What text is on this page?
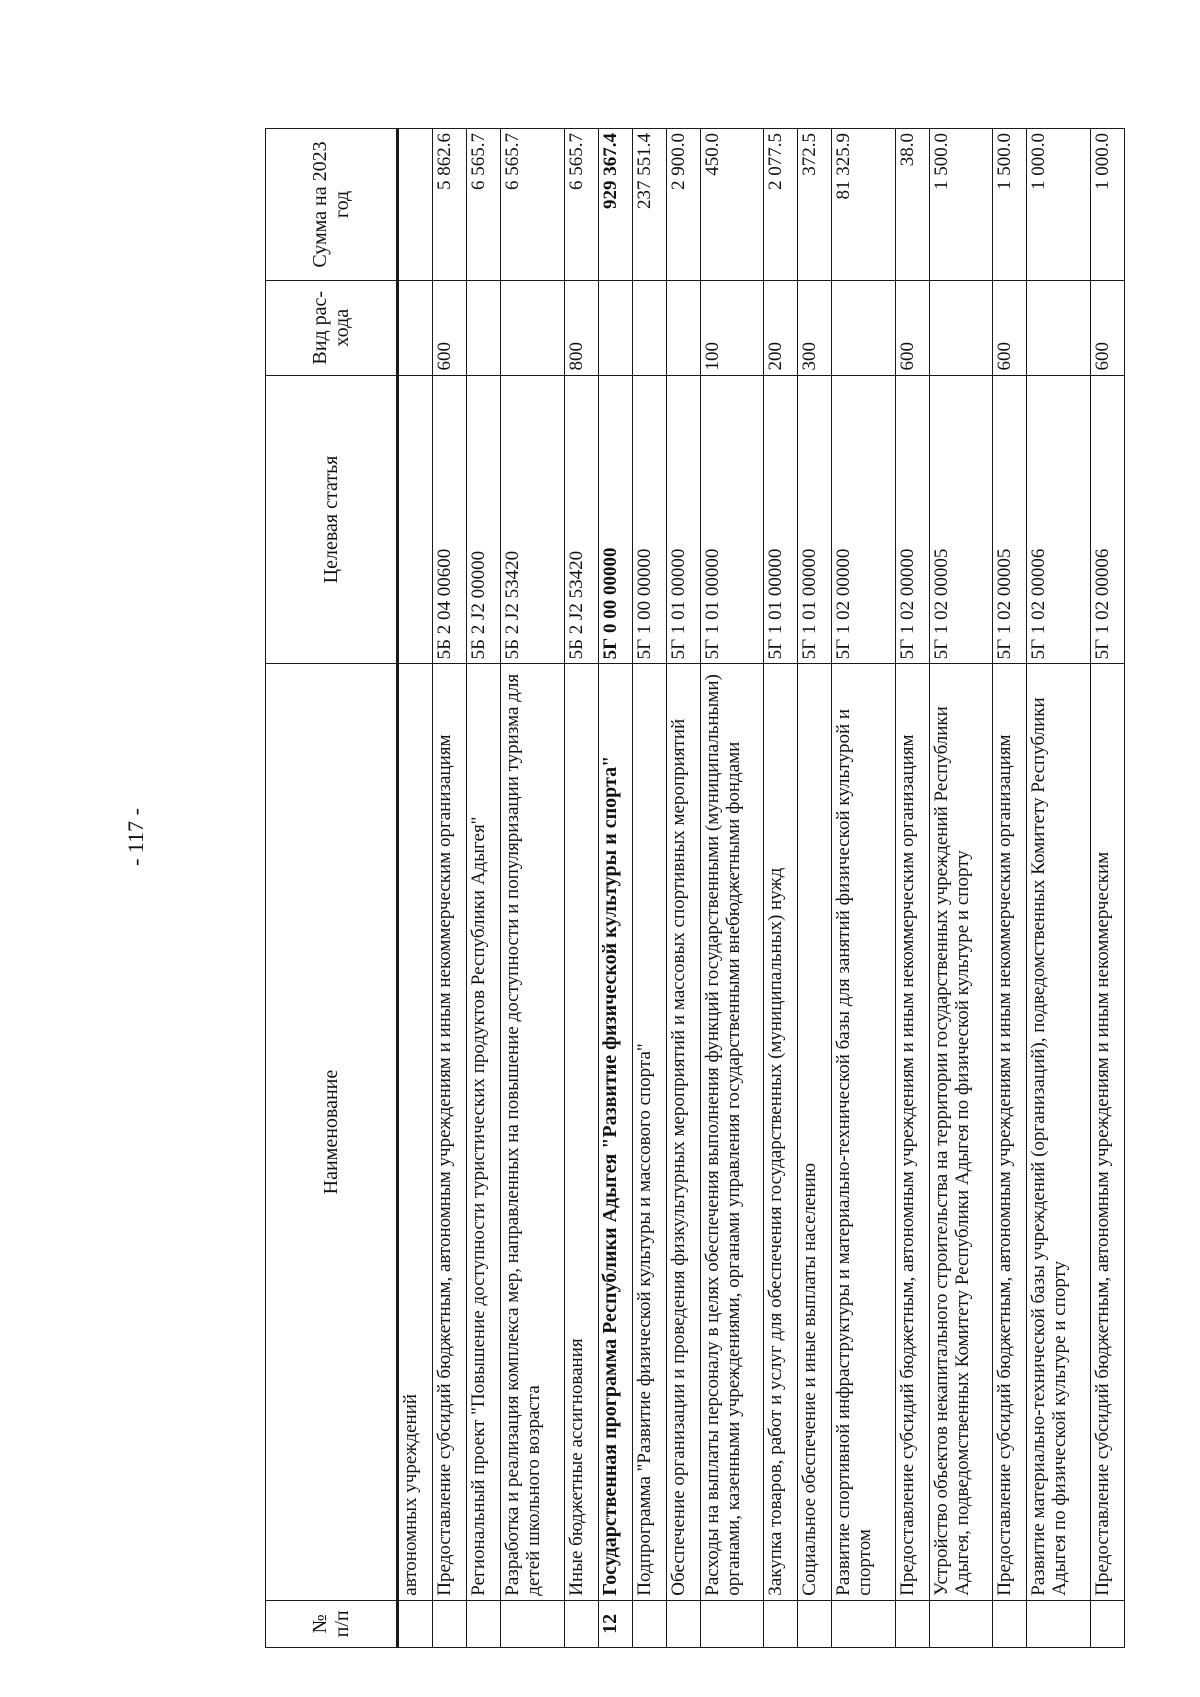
- 117 -
№ п/п	Наименование	Целевая статья	Вид рас-хода	Сумма на 2023 год
	автономных учреждений			
	Предоставление субсидий бюджетным, автономным учреждениям и иным некоммерческим организациям	5Б 2 04 00600	600	5 862.6
	Региональный проект "Повышение доступности туристических продуктов Республики Адыгея"	5Б 2 J2 00000		6 565.7
	Разработка и реализация комплекса мер, направленных на повышение доступности и популяризации туризма для детей школьного возраста	5Б 2 J2 53420		6 565.7
	Иные бюджетные ассигнования	5Б 2 J2 53420	800	6 565.7
12	Государственная программа Республики Адыгея "Развитие физической культуры и спорта"	5Г 0 00 00000		929 367.4
	Подпрограмма "Развитие физической культуры и массового спорта"	5Г 1 00 00000		237 551.4
	Обеспечение организации и проведения физкультурных мероприятий и массовых спортивных мероприятий	5Г 1 01 00000		2 900.0
	Расходы на выплаты персоналу в целях обеспечения выполнения функций государственными (муниципальными) органами, казенными учреждениями, органами управления государственными внебюджетными фондами	5Г 1 01 00000	100	450.0
	Закупка товаров, работ и услуг для обеспечения государственных (муниципальных) нужд	5Г 1 01 00000	200	2 077.5
	Социальное обеспечение и иные выплаты населению	5Г 1 01 00000	300	372.5
	Развитие спортивной инфраструктуры и материально-технической базы для занятий физической культурой и спортом	5Г 1 02 00000		81 325.9
	Предоставление субсидий бюджетным, автономным учреждениям и иным некоммерческим организациям	5Г 1 02 00000	600	38.0
	Устройство объектов некапитального строительства на территории государственных учреждений Республики Адыгея, подведомственных Комитету Республики Адыгея по физической культуре и спорту	5Г 1 02 00005		1 500.0
	Предоставление субсидий бюджетным, автономным учреждениям и иным некоммерческим организациям	5Г 1 02 00005	600	1 500.0
	Развитие материально-технической базы учреждений (организаций), подведомственных Комитету Республики Адыгея по физической культуре и спорту	5Г 1 02 00006		1 000.0
	Предоставление субсидий бюджетным, автономным учреждениям и иным некоммерческим	5Г 1 02 00006	600	1 000.0
